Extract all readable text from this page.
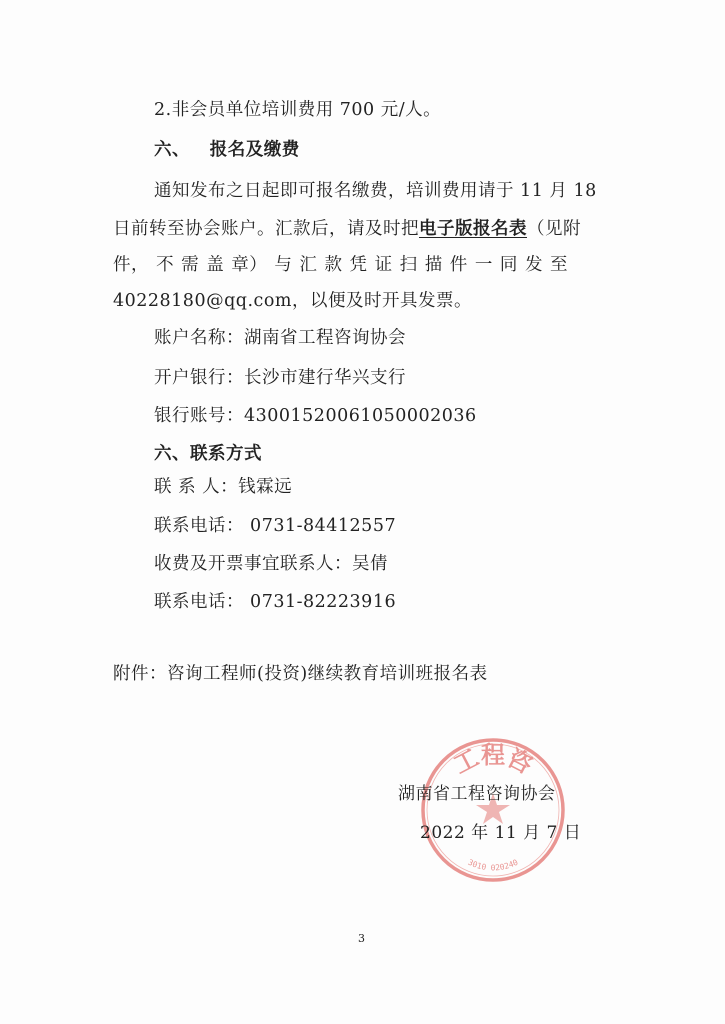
2.非会员单位培训费用 700 元/人。
六、 报名及缴费
通知发布之日起即可报名缴费，培训费用请于 11 月 18
日前转至协会账户。汇款后，请及时把电子版报名表（见附
件， 不 需 盖 章） 与 汇 款 凭 证 扫 描 件 一 同 发 至
40228180@qq.com，以便及时开具发票。
账户名称：湖南省工程咨询协会
开户银行：长沙市建行华兴支行
银行账号：43001520061050002036
六、联系方式
联 系 人：钱霖远
联系电话： 0731-84412557
收费及开票事宜联系人：吴倩
联系电话： 0731-82223916
附件：咨询工程师(投资)继续教育培训班报名表
工程咨
3010 020240
湖南省工程咨询协会
2022 年 11 月 7 日
3
